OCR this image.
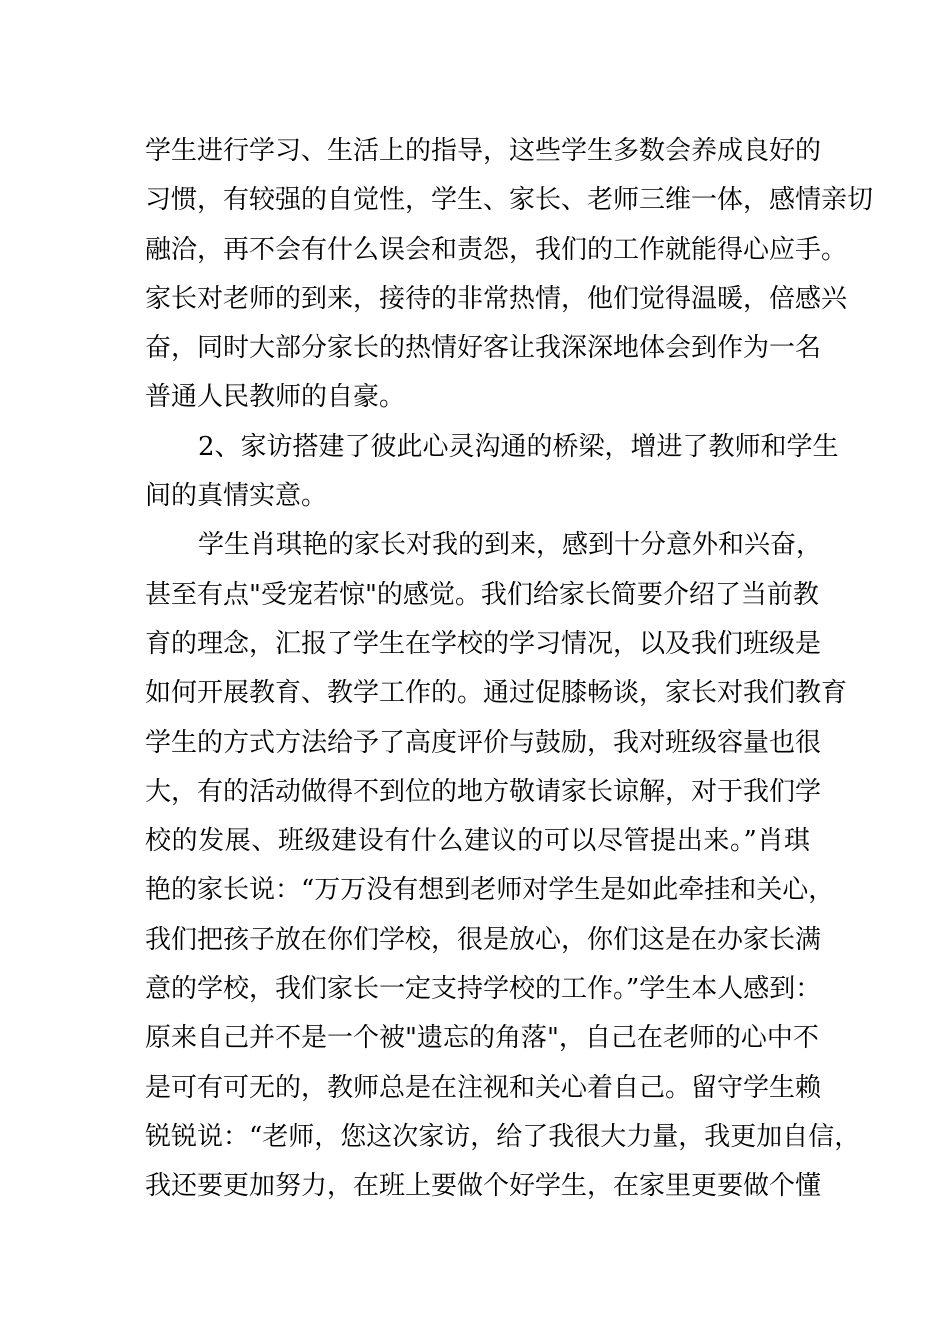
学生进行学习、生活上的指导，这些学生多数会养成良好的
习惯，有较强的自觉性，学生、家长、老师三维一体，感情亲切
融洽，再不会有什么误会和责怨，我们的工作就能得心应手。
家长对老师的到来，接待的非常热情，他们觉得温暖，倍感兴
奋，同时大部分家长的热情好客让我深深地体会到作为一名
普通人民教师的自豪。
2、家访搭建了彼此心灵沟通的桥梁，增进了教师和学生
间的真情实意。
学生肖琪艳的家长对我的到来，感到十分意外和兴奋，
甚至有点"受宠若惊"的感觉。我们给家长简要介绍了当前教
育的理念，汇报了学生在学校的学习情况，以及我们班级是
如何开展教育、教学工作的。通过促膝畅谈，家长对我们教育
学生的方式方法给予了高度评价与鼓励，我对班级容量也很
大，有的活动做得不到位的地方敬请家长谅解，对于我们学
校的发展、班级建设有什么建议的可以尽管提出来。”肖琪
艳的家长说：“万万没有想到老师对学生是如此牵挂和关心，
我们把孩子放在你们学校，很是放心，你们这是在办家长满
意的学校，我们家长一定支持学校的工作。”学生本人感到：
原来自己并不是一个被"遗忘的角落"，自己在老师的心中不
是可有可无的，教师总是在注视和关心着自己。留守学生赖
锐锐说：“老师，您这次家访，给了我很大力量，我更加自信，
我还要更加努力，在班上要做个好学生，在家里更要做个懂
